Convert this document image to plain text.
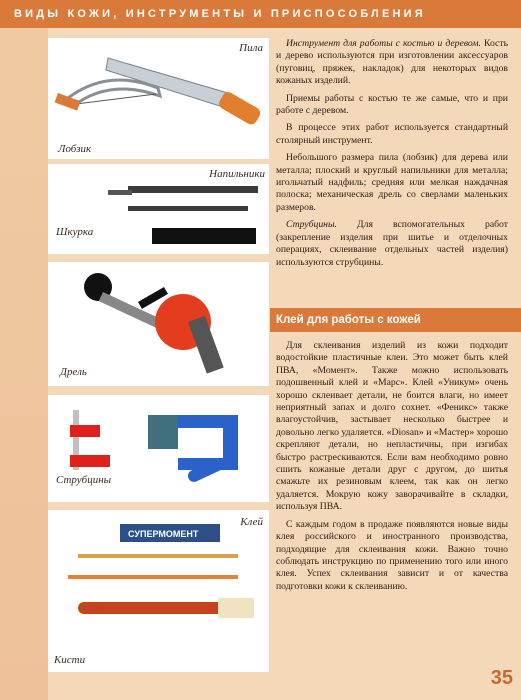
ВИДЫ КОЖИ, ИНСТРУМЕНТЫ И ПРИСПОСОБЛЕНИЯ
Пила
Лобзик
Напильники
Шкурка
Дрель
Струбцины
Клей
Кисти
СУПЕРМОМЕНТ

Инструмент для работы с костью и деревом. Кость и дерево используются при изготовлении аксессуаров (пуговиц, пряжек, накладок) для некоторых видов кожаных изделий.

Приемы работы с костью те же самые, что и при работе с деревом.

В процессе этих работ используется стандартный столярный инструмент.

Небольшого размера пила (лобзик) для дерева или металла; плоский и круглый напильники для металла; игольчатый надфиль; средняя или мелкая наждачная полоска; механическая дрель со сверлами маленьких размеров.

Струбцины. Для вспомогательных работ (закрепление изделия при шитье и отделочных операциях, склеивание отдельных частей изделия) используются струбцины.

Клей для работы с кожей

Для склеивания изделий из кожи подходит водостойкие пластичные клеи. Это может быть клей ПВА, «Момент». Также можно использовать подошвенный клей и «Марс». Клей «Уникум» очень хорошо склеивает детали, не боится влаги, но имеет неприятный запах и долго сохнет. «Феникс» также влагоустойчив, застывает несколько быстрее и довольно легко удаляется. «Diosan» и «Мастер» хорошо скрепляют детали, но непластичны, при изгибах быстро растрескиваются. Если вам необходимо ровно сшить кожаные детали друг с другом, до шитья смажьте их резиновым клеем, так как он легко удаляется. Мокрую кожу заворачивайте в складки, используя ПВА.

С каждым годом в продаже появляются новые виды клея российского и иностранного производства, подходящие для склеивания кожи. Важно точно соблюдать инструкцию по применению того или иного клея. Успех склеивания зависит и от качества подготовки кожи к склеиванию.

35
